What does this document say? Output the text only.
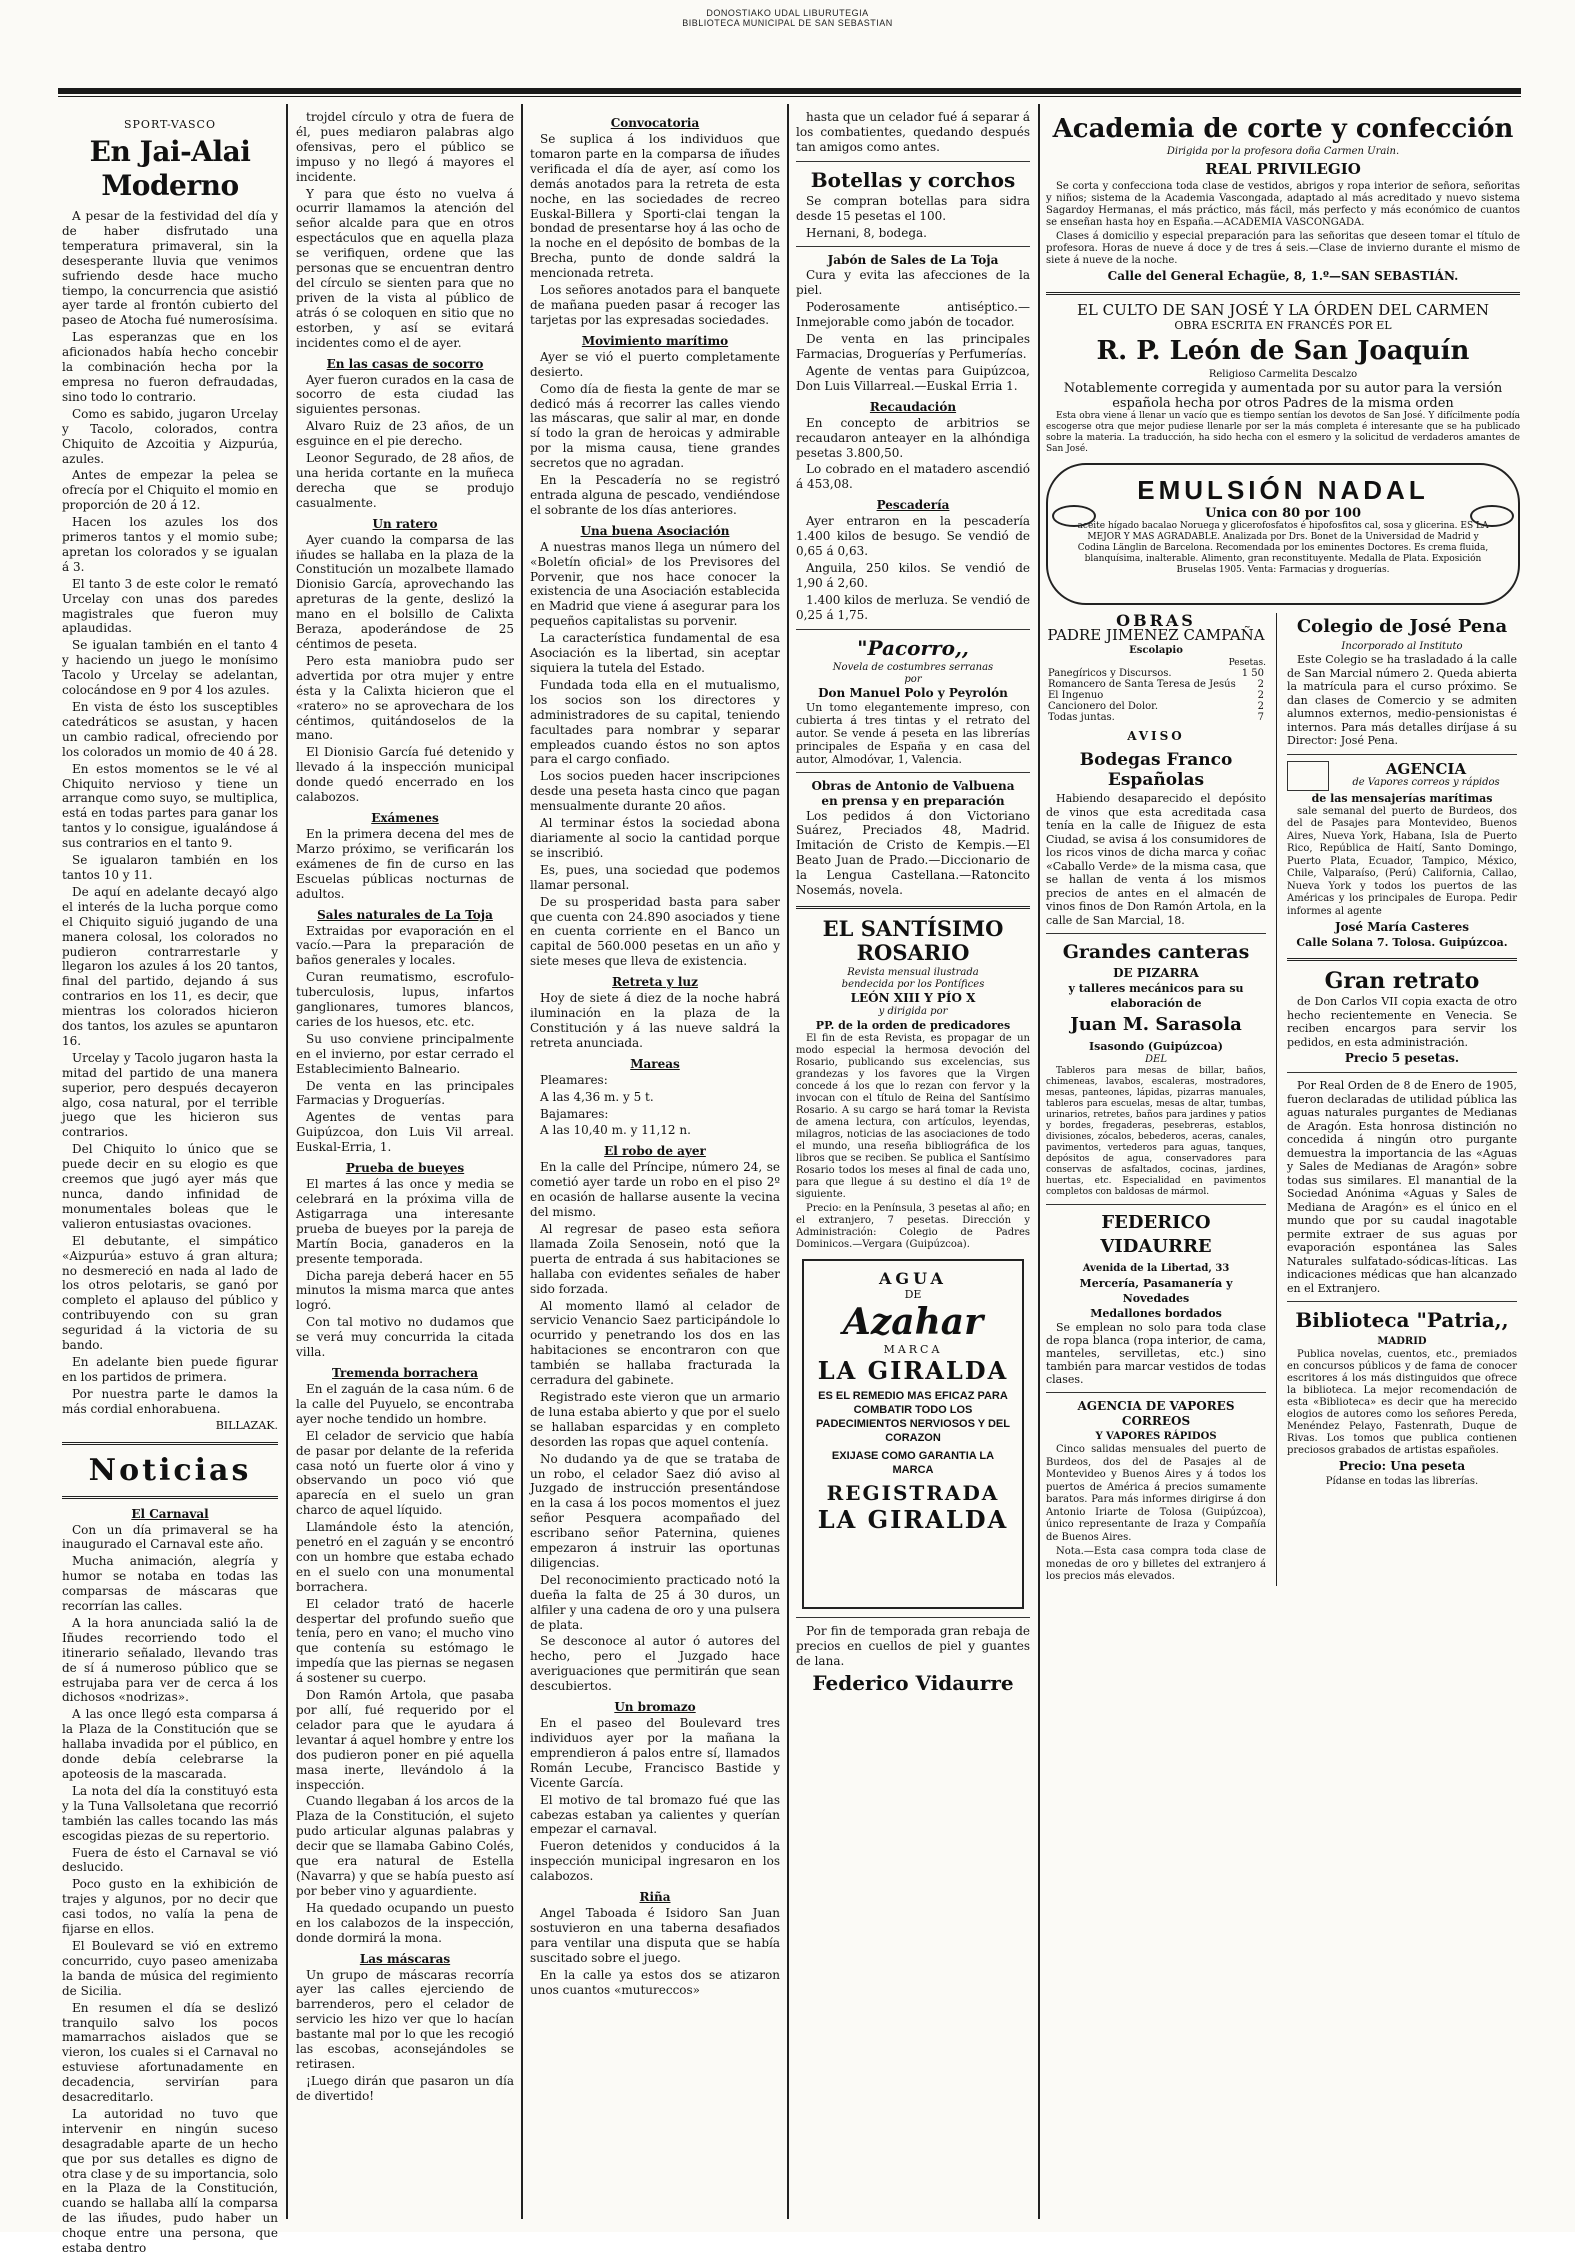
DONOSTIAKO UDAL LIBURUTEGIA
BIBLIOTECA MUNICIPAL DE SAN SEBASTIAN
SPORT-VASCO
En Jai-Alai Moderno

A pesar de la festividad del día y de haber disfrutado una temperatura primaveral, sin la desesperante lluvia que venimos sufriendo desde hace mucho tiempo, la concurrencia que asistió ayer tarde al frontón cubierto del paseo de Atocha fué numerosísima.

Las esperanzas que en los aficionados había hecho concebir la combinación hecha por la empresa no fueron defraudadas, sino todo lo contrario.

Como es sabido, jugaron Urcelay y Tacolo, colorados, contra Chiquito de Azcoitia y Aizpurúa, azules.

Antes de empezar la pelea se ofrecía por el Chiquito el momio en proporción de 20 á 12.

Hacen los azules los dos primeros tantos y el momio sube; apretan los colorados y se igualan á 3.

El tanto 3 de este color le remató Urcelay con unas dos paredes magistrales que fueron muy aplaudidas.

Se igualan también en el tanto 4 y haciendo un juego le monísimo Tacolo y Urcelay se adelantan, colocándose en 9 por 4 los azules.

En vista de ésto los susceptibles catedráticos se asustan, y hacen un cambio radical, ofreciendo por los colorados un momio de 40 á 28.

En estos momentos se le vé al Chiquito nervioso y tiene un arranque como suyo, se multiplica, está en todas partes para ganar los tantos y lo consigue, igualándose á sus contrarios en el tanto 9.

Se igualaron también en los tantos 10 y 11.

De aquí en adelante decayó algo el interés de la lucha porque como el Chiquito siguió jugando de una manera colosal, los colorados no pudieron contrarrestarle y llegaron los azules á los 20 tantos, final del partido, dejando á sus contrarios en los 11, es decir, que mientras los colorados hicieron dos tantos, los azules se apuntaron 16.

Urcelay y Tacolo jugaron hasta la mitad del partido de una manera superior, pero después decayeron algo, cosa natural, por el terrible juego que les hicieron sus contrarios.

Del Chiquito lo único que se puede decir en su elogio es que creemos que jugó ayer más que nunca, dando infinidad de monumentales boleas que le valieron entusiastas ovaciones.

El debutante, el simpático «Aizpurúa» estuvo á gran altura; no desmereció en nada al lado de los otros pelotaris, se ganó por completo el aplauso del público y contribuyendo con su gran seguridad á la victoria de su bando.

En adelante bien puede figurar en los partidos de primera.

Por nuestra parte le damos la más cordial enhorabuena.

BILLAZAK.

Noticias
El Carnaval

Con un día primaveral se ha inaugurado el Carnaval este año.

Mucha animación, alegría y humor se notaba en todas las comparsas de máscaras que recorrían las calles.

A la hora anunciada salió la de Iñudes recorriendo todo el itinerario señalado, llevando tras de sí á numeroso público que se estrujaba para ver de cerca á los dichosos «nodrizas».

A las once llegó esta comparsa á la Plaza de la Constitución que se hallaba invadida por el público, en donde debía celebrarse la apoteosis de la mascarada.

La nota del día la constituyó esta y la Tuna Vallsoletana que recorrió también las calles tocando las más escogidas piezas de su repertorio.

Fuera de ésto el Carnaval se vió deslucido.

Poco gusto en la exhibición de trajes y algunos, por no decir que casi todos, no valía la pena de fijarse en ellos.

El Boulevard se vió en extremo concurrido, cuyo paseo amenizaba la banda de música del regimiento de Sicilia.

En resumen el día se deslizó tranquilo salvo los pocos mamarrachos aislados que se vieron, los cuales si el Carnaval no estuviese afortunadamente en decadencia, servirían para desacreditarlo.

La autoridad no tuvo que intervenir en ningún suceso desagradable aparte de un hecho que por sus detalles es digno de otra clase y de su importancia, solo en la Plaza de la Constitución, cuando se hallaba allí la comparsa de las iñudes, pudo haber un choque entre una persona, que estaba dentro

trojdel círculo y otra de fuera de él, pues mediaron palabras algo ofensivas, pero el público se impuso y no llegó á mayores el incidente.

Y para que ésto no vuelva á ocurrir llamamos la atención del señor alcalde para que en otros espectáculos que en aquella plaza se verifiquen, ordene que las personas que se encuentran dentro del círculo se sienten para que no priven de la vista al público de atrás ó se coloquen en sitio que no estorben, y así se evitará incidentes como el de ayer.

En las casas de socorro

Ayer fueron curados en la casa de socorro de esta ciudad las siguientes personas.

Alvaro Ruiz de 23 años, de un esguince en el pie derecho.

Leonor Segurado, de 28 años, de una herida cortante en la muñeca derecha que se produjo casualmente.

Un ratero

Ayer cuando la comparsa de las iñudes se hallaba en la plaza de la Constitución un mozalbete llamado Dionisio García, aprovechando las apreturas de la gente, deslizó la mano en el bolsillo de Calixta Beraza, apoderándose de 25 céntimos de peseta.

Pero esta maniobra pudo ser advertida por otra mujer y entre ésta y la Calixta hicieron que el «ratero» no se aprovechara de los céntimos, quitándoselos de la mano.

El Dionisio García fué detenido y llevado á la inspección municipal donde quedó encerrado en los calabozos.

Exámenes

En la primera decena del mes de Marzo próximo, se verificarán los exámenes de fin de curso en las Escuelas públicas nocturnas de adultos.

Sales naturales de La Toja

Extraidas por evaporación en el vacío.—Para la preparación de baños generales y locales.

Curan reumatismo, escrofulo-tuberculosis, lupus, infartos ganglionares, tumores blancos, caries de los huesos, etc. etc.

Su uso conviene principalmente en el invierno, por estar cerrado el Establecimiento Balneario.

De venta en las principales Farmacias y Droguerías.

Agentes de ventas para Guipúzcoa, don Luis Vil arreal. Euskal-Erria, 1.

Prueba de bueyes

El martes á las once y media se celebrará en la próxima villa de Astigarraga una interesante prueba de bueyes por la pareja de Martín Bocia, ganaderos en la presente temporada.

Dicha pareja deberá hacer en 55 minutos la misma marca que antes logró.

Con tal motivo no dudamos que se verá muy concurrida la citada villa.

Tremenda borrachera

En el zaguán de la casa núm. 6 de la calle del Puyuelo, se encontraba ayer noche tendido un hombre.

El celador de servicio que había de pasar por delante de la referida casa notó un fuerte olor á vino y observando un poco vió que aparecía en el suelo un gran charco de aquel líquido.

Llamándole ésto la atención, penetró en el zaguán y se encontró con un hombre que estaba echado en el suelo con una monumental borrachera.

El celador trató de hacerle despertar del profundo sueño que tenía, pero en vano; el mucho vino que contenía su estómago le impedía que las piernas se negasen á sostener su cuerpo.

Don Ramón Artola, que pasaba por allí, fué requerido por el celador para que le ayudara á levantar á aquel hombre y entre los dos pudieron poner en pié aquella masa inerte, llevándolo á la inspección.

Cuando llegaban á los arcos de la Plaza de la Constitución, el sujeto pudo articular algunas palabras y decir que se llamaba Gabino Colés, que era natural de Estella (Navarra) y que se había puesto así por beber vino y aguardiente.

Ha quedado ocupando un puesto en los calabozos de la inspección, donde dormirá la mona.

Las máscaras

Un grupo de máscaras recorría ayer las calles ejerciendo de barrenderos, pero el celador de servicio les hizo ver que lo hacían bastante mal por lo que les recogió las escobas, aconsejándoles se retirasen.

¡Luego dirán que pasaron un día de divertido!

Convocatoria

Se suplica á los individuos que tomaron parte en la comparsa de iñudes verificada el día de ayer, así como los demás anotados para la retreta de esta noche, en las sociedades de recreo Euskal-Billera y Sporti-clai tengan la bondad de presentarse hoy á las ocho de la noche en el depósito de bombas de la Brecha, punto de donde saldrá la mencionada retreta.

Los señores anotados para el banquete de mañana pueden pasar á recoger las tarjetas por las expresadas sociedades.

Movimiento marítimo

Ayer se vió el puerto completamente desierto.

Como día de fiesta la gente de mar se dedicó más á recorrer las calles viendo las máscaras, que salir al mar, en donde sí todo la gran de heroicas y admirable por la misma causa, tiene grandes secretos que no agradan.

En la Pescadería no se registró entrada alguna de pescado, vendiéndose el sobrante de los días anteriores.

Una buena Asociación

A nuestras manos llega un número del «Boletín oficial» de los Previsores del Porvenir, que nos hace conocer la existencia de una Asociación establecida en Madrid que viene á asegurar para los pequeños capitalistas su porvenir.

La característica fundamental de esa Asociación es la libertad, sin aceptar siquiera la tutela del Estado.

Fundada toda ella en el mutualismo, los socios son los directores y administradores de su capital, teniendo facultades para nombrar y separar empleados cuando éstos no son aptos para el cargo confiado.

Los socios pueden hacer inscripciones desde una peseta hasta cinco que pagan mensualmente durante 20 años.

Al terminar éstos la sociedad abona diariamente al socio la cantidad porque se inscribió.

Es, pues, una sociedad que podemos llamar personal.

De su prosperidad basta para saber que cuenta con 24.890 asociados y tiene en cuenta corriente en el Banco un capital de 560.000 pesetas en un año y siete meses que lleva de existencia.

Retreta y luz

Hoy de siete á diez de la noche habrá iluminación en la plaza de la Constitución y á las nueve saldrá la retreta anunciada.

Mareas

Pleamares:

A las 4,36 m. y 5 t.

Bajamares:

A las 10,40 m. y 11,12 n.

El robo de ayer

En la calle del Príncipe, número 24, se cometió ayer tarde un robo en el piso 2º en ocasión de hallarse ausente la vecina del mismo.

Al regresar de paseo esta señora llamada Zoila Senosein, notó que la puerta de entrada á sus habitaciones se hallaba con evidentes señales de haber sido forzada.

Al momento llamó al celador de servicio Venancio Saez participándole lo ocurrido y penetrando los dos en las habitaciones se encontraron con que también se hallaba fracturada la cerradura del gabinete.

Registrado este vieron que un armario de luna estaba abierto y que por el suelo se hallaban esparcidas y en completo desorden las ropas que aquel contenía.

No dudando ya de que se trataba de un robo, el celador Saez dió aviso al Juzgado de instrucción presentándose en la casa á los pocos momentos el juez señor Pesquera acompañado del escribano señor Paternina, quienes empezaron á instruir las oportunas diligencias.

Del reconocimiento practicado notó la dueña la falta de 25 á 30 duros, un alfiler y una cadena de oro y una pulsera de plata.

Se desconoce al autor ó autores del hecho, pero el Juzgado hace averiguaciones que permitirán que sean descubiertos.

Un bromazo

En el paseo del Boulevard tres individuos ayer por la mañana la emprendieron á palos entre sí, llamados Román Lecube, Francisco Bastide y Vicente García.

El motivo de tal bromazo fué que las cabezas estaban ya calientes y querían empezar el carnaval.

Fueron detenidos y conducidos á la inspección municipal ingresaron en los calabozos.

Riña

Angel Taboada é Isidoro San Juan sostuvieron en una taberna desafiados para ventilar una disputa que se había suscitado sobre el juego.

En la calle ya estos dos se atizaron unos cuantos «mutureccos»

hasta que un celador fué á separar á los combatientes, quedando después tan amigos como antes.

Botellas y corchos

Se compran botellas para sidra desde 15 pesetas el 100.

Hernani, 8, bodega.

Jabón de Sales de La Toja

Cura y evita las afecciones de la piel.

Poderosamente antiséptico.—Inmejorable como jabón de tocador.

De venta en las principales Farmacias, Droguerías y Perfumerías.

Agente de ventas para Guipúzcoa, Don Luis Villarreal.—Euskal Erria 1.

Recaudación

En concepto de arbitrios se recaudaron anteayer en la alhóndiga pesetas 3.800,50.

Lo cobrado en el matadero ascendió á 453,08.

Pescadería

Ayer entraron en la pescadería 1.400 kilos de besugo. Se vendió de 0,65 á 0,63.

Anguila, 250 kilos. Se vendió de 1,90 á 2,60.

1.400 kilos de merluza. Se vendió de 0,25 á 1,75.

"Pacorro,,
Novela de costumbres serranas
por
Don Manuel Polo y Peyrolón

Un tomo elegantemente impreso, con cubierta á tres tintas y el retrato del autor. Se vende á peseta en las librerías principales de España y en casa del autor, Almodóvar, 1, Valencia.

Obras de Antonio de Valbuena
en prensa y en preparación

Los pedidos á don Victoriano Suárez, Preciados 48, Madrid. Imitación de Cristo de Kempis.—El Beato Juan de Prado.—Diccionario de la Lengua Castellana.—Ratoncito Nosemás, novela.

EL SANTÍSIMO ROSARIO
Revista mensual ilustrada
bendecida por los Pontífices
LEÓN XIII Y PÍO X
y dirigida por
PP. de la orden de predicadores

El fin de esta Revista, es propagar de un modo especial la hermosa devoción del Rosario, publicando sus excelencias, sus grandezas y los favores que la Virgen concede á los que lo rezan con fervor y la invocan con el título de Reina del Santísimo Rosario. A su cargo se hará tomar la Revista de amena lectura, con artículos, leyendas, milagros, noticias de las asociaciones de todo el mundo, una reseña bibliográfica de los libros que se reciben. Se publica el Santísimo Rosario todos los meses al final de cada uno, para que llegue á su destino el día 1º de siguiente.

Precio: en la Península, 3 pesetas al año; en el extranjero, 7 pesetas. Dirección y Administración: Colegio de Padres Dominicos.—Vergara (Guipúzcoa).

AGUA
DE
Azahar
MARCA
LA GIRALDA
ES EL REMEDIO MAS EFICAZ PARA COMBATIR TODO LOS PADECIMIENTOS NERVIOSOS Y DEL CORAZON
EXIJASE COMO GARANTIA LA MARCA
REGISTRADA
LA GIRALDA

Por fin de temporada gran rebaja de precios en cuellos de piel y guantes de lana.

Federico Vidaurre
Academia de corte y confección
Dirigida por la profesora doña Carmen Urain.
REAL PRIVILEGIO

Se corta y confecciona toda clase de vestidos, abrigos y ropa interior de señora, señoritas y niños; sistema de la Academia Vascongada, adaptado al más acreditado y nuevo sistema Sagardoy Hermanas, el más práctico, más fácil, más perfecto y más económico de cuantos se enseñan hasta hoy en España.—ACADEMIA VASCONGADA.

Clases á domicilio y especial preparación para las señoritas que deseen tomar el título de profesora. Horas de nueve á doce y de tres á seis.—Clase de invierno durante el mismo de siete á nueve de la noche.

Calle del General Echagüe, 8, 1.º—SAN SEBASTIÁN.
EL CULTO DE SAN JOSÉ Y LA ÓRDEN DEL CARMEN
OBRA ESCRITA EN FRANCÉS POR EL
R. P. León de San Joaquín
Religioso Carmelita Descalzo
Notablemente corregida y aumentada por su autor para la versión española hecha por otros Padres de la misma orden

Esta obra viene á llenar un vacío que es tiempo sentían los devotos de San José. Y difícilmente podía escogerse otra que mejor pudiese llenarle por ser la más completa é interesante que se ha publicado sobre la materia. La traducción, ha sido hecha con el esmero y la solicitud de verdaderos amantes de San José.

EMULSIÓN NADAL
Unica con 80 por 100
aceite hígado bacalao Noruega y glicerofosfatos é hipofosfitos cal, sosa y glicerina. ES LA MEJOR Y MAS AGRADABLE. Analizada por Drs. Bonet de la Universidad de Madrid y Codina Länglin de Barcelona. Recomendada por los eminentes Doctores. Es crema fluida, blanquísima, inalterable. Alimento, gran reconstituyente. Medalla de Plata. Exposición Bruselas 1905. Venta: Farmacias y droguerías.
OBRAS
PADRE JIMENEZ CAMPAÑA
Escolapio
Pesetas.
Panegíricos y Discursos.	1 50
Romancero de Santa Teresa de Jesús	2
El Ingenuo	2
Cancionero del Dolor.	2
Todas juntas.	7
AVISO
Bodegas Franco Españolas

Habiendo desaparecido el depósito de vinos que esta acreditada casa tenía en la calle de Iñiguez de esta Ciudad, se avisa á los consumidores de los ricos vinos de dicha marca y coñac «Caballo Verde» de la misma casa, que se hallan de venta á los mismos precios de antes en el almacén de vinos finos de Don Ramón Artola, en la calle de San Marcial, 18.

Grandes canteras
DE PIZARRA
y talleres mecánicos para su elaboración de
Juan M. Sarasola
Isasondo (Guipúzcoa)
DEL

Tableros para mesas de billar, baños, chimeneas, lavabos, escaleras, mostradores, mesas, panteones, lápidas, pizarras manuales, tableros para escuelas, mesas de altar, tumbas, urinarios, retretes, baños para jardines y patios y bordes, fregaderas, pesebreras, establos, divisiones, zócalos, bebederos, aceras, canales, pavimentos, vertederos para aguas, tanques, depósitos de agua, conservadores para conservas de asfaltados, cocinas, jardines, huertas, etc. Especialidad en pavimentos completos con baldosas de mármol.

FEDERICO VIDAURRE
Avenida de la Libertad, 33
Mercería, Pasamanería y Novedades
Medallones bordados

Se emplean no solo para toda clase de ropa blanca (ropa interior, de cama, manteles, servilletas, etc.) sino también para marcar vestidos de todas clases.

AGENCIA DE VAPORES CORREOS
Y VAPORES RÁPIDOS

Cinco salidas mensuales del puerto de Burdeos, dos del de Pasajes al de Montevideo y Buenos Aires y á todos los puertos de América á precios sumamente baratos. Para más informes dirigirse á don Antonio Iriarte de Tolosa (Guipúzcoa), único representante de Iraza y Compañía de Buenos Aires.

Nota.—Esta casa compra toda clase de monedas de oro y billetes del extranjero á los precios más elevados.

Colegio de José Pena
Incorporado al Instituto

Este Colegio se ha trasladado á la calle de San Marcial número 2. Queda abierta la matrícula para el curso próximo. Se dan clases de Comercio y se admiten alumnos externos, medio-pensionistas é internos. Para más detalles diríjase á su Director: José Pena.

AGENCIA
de Vapores correos y rápidos
de las mensajerías marítimas

sale semanal del puerto de Burdeos, dos del de Pasajes para Montevideo, Buenos Aires, Nueva York, Habana, Isla de Puerto Rico, República de Haití, Santo Domingo, Puerto Plata, Ecuador, Tampico, México, Chile, Valparaíso, (Perú) California, Callao, Nueva York y todos los puertos de las Américas y los principales de Europa. Pedir informes al agente

José María Casteres
Calle Solana 7. Tolosa. Guipúzcoa.
Gran retrato

de Don Carlos VII copia exacta de otro hecho recientemente en Venecia. Se reciben encargos para servir los pedidos, en esta administración.

Precio 5 pesetas.

Por Real Orden de 8 de Enero de 1905, fueron declaradas de utilidad pública las aguas naturales purgantes de Medianas de Aragón. Esta honrosa distinción no concedida á ningún otro purgante demuestra la importancia de las «Aguas y Sales de Medianas de Aragón» sobre todas sus similares. El manantial de la Sociedad Anónima «Aguas y Sales de Mediana de Aragón» es el único en el mundo que por su caudal inagotable permite extraer de sus aguas por evaporación espontánea las Sales Naturales sulfatado-sódicas-líticas. Las indicaciones médicas que han alcanzado en el Extranjero.

Biblioteca "Patria,,
MADRID

Publica novelas, cuentos, etc., premiados en concursos públicos y de fama de conocer escritores á los más distinguidos que ofrece la biblioteca. La mejor recomendación de esta «Biblioteca» es decir que ha merecido elogios de autores como los señores Pereda, Menéndez Pelayo, Fastenrath, Duque de Rivas. Los tomos que publica contienen preciosos grabados de artistas españoles.

Precio: Una peseta
Pídanse en todas las librerías.
